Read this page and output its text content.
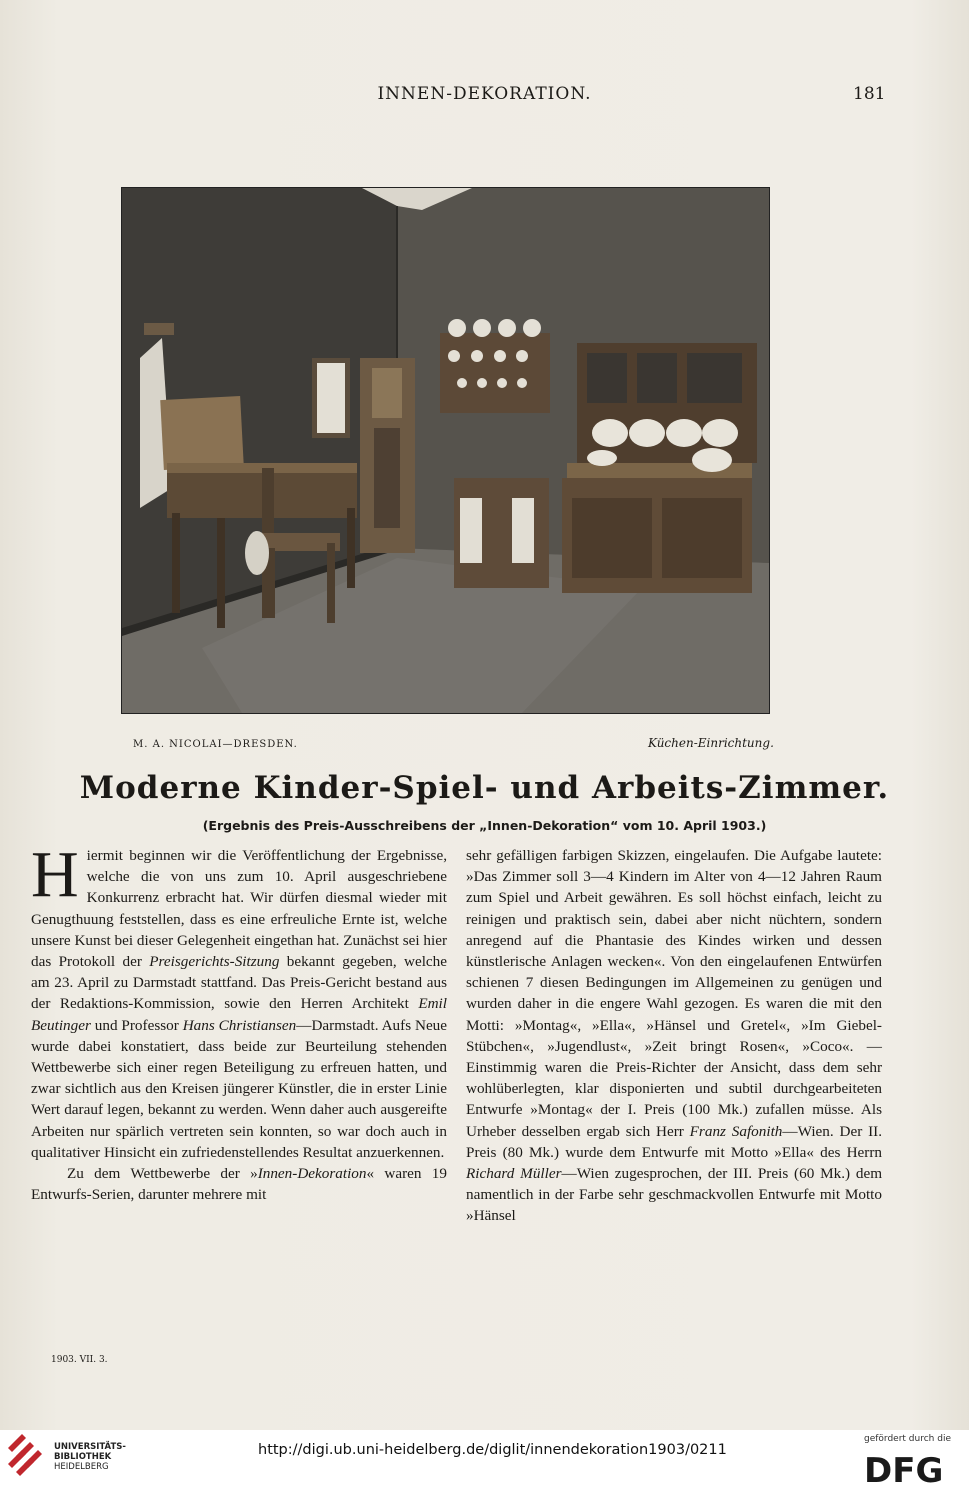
INNEN-DEKORATION.	181
M. A. NICOLAI—DRESDEN.	Küchen-Einrichtung.
Moderne Kinder-Spiel- und Arbeits-Zimmer.
(Ergebnis des Preis-Ausschreibens der „Innen-Dekoration“ vom 10. April 1903.)

Hiermit beginnen wir die Veröffentlichung der Ergebnisse, welche die von uns zum 10. April ausgeschriebene Konkurrenz erbracht hat. Wir dürfen diesmal wieder mit Genugthuung feststellen, dass es eine erfreuliche Ernte ist, welche unsere Kunst bei dieser Gelegenheit eingethan hat. Zunächst sei hier das Protokoll der Preisgerichts-Sitzung bekannt gegeben, welche am 23. April zu Darmstadt stattfand. Das Preis-Gericht bestand aus der Redaktions-Kommission, sowie den Herren Architekt Emil Beutinger und Professor Hans Christiansen—Darmstadt. Aufs Neue wurde dabei konstatiert, dass beide zur Beurteilung stehenden Wettbewerbe sich einer regen Beteiligung zu erfreuen hatten, und zwar sichtlich aus den Kreisen jüngerer Künstler, die in erster Linie Wert darauf legen, bekannt zu werden. Wenn daher auch ausgereifte Arbeiten nur spärlich vertreten sein konnten, so war doch auch in qualitativer Hinsicht ein zufriedenstellendes Resultat anzuerkennen.

Zu dem Wettbewerbe der »Innen-Dekoration« waren 19 Entwurfs-Serien, darunter mehrere mit

sehr gefälligen farbigen Skizzen, eingelaufen. Die Aufgabe lautete: »Das Zimmer soll 3—4 Kindern im Alter von 4—12 Jahren Raum zum Spiel und Arbeit gewähren. Es soll höchst einfach, leicht zu reinigen und praktisch sein, dabei aber nicht nüchtern, sondern anregend auf die Phantasie des Kindes wirken und dessen künstlerische Anlagen wecken«. Von den eingelaufenen Entwürfen schienen 7 diesen Bedingungen im Allgemeinen zu genügen und wurden daher in die engere Wahl gezogen. Es waren die mit den Motti: »Montag«, »Ella«, »Hänsel und Gretel«, »Im Giebel-Stübchen«, »Jugendlust«, »Zeit bringt Rosen«, »Coco«. — Einstimmig waren die Preis-Richter der Ansicht, dass dem sehr wohlüberlegten, klar disponierten und subtil durchgearbeiteten Entwurfe »Montag« der I. Preis (100 Mk.) zufallen müsse. Als Urheber desselben ergab sich Herr Franz Safonith—Wien. Der II. Preis (80 Mk.) wurde dem Entwurfe mit Motto »Ella« des Herrn Richard Müller—Wien zugesprochen, der III. Preis (60 Mk.) dem namentlich in der Farbe sehr geschmackvollen Entwurfe mit Motto »Hänsel

1903. VII. 3.
UNIVERSITÄTS-
BIBLIOTHEK
HEIDELBERG
http://digi.ub.uni-heidelberg.de/diglit/innendekoration1903/0211
gefördert durch die
DFG
